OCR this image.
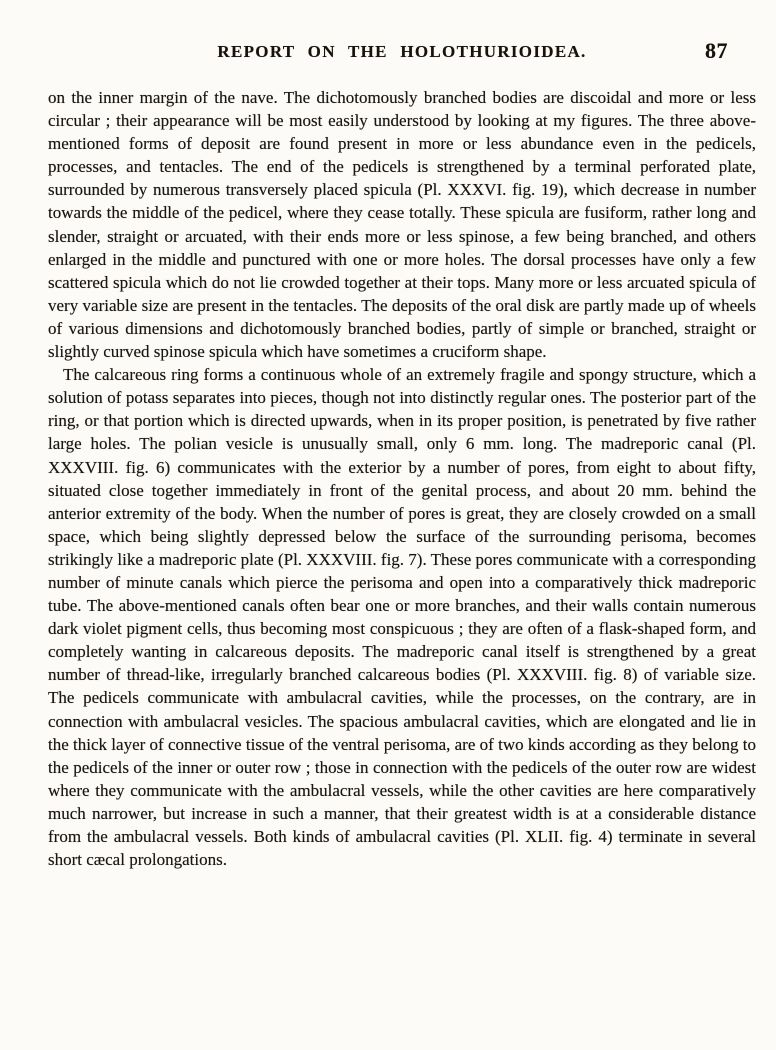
REPORT ON THE HOLOTHURIOIDEA.	87

on the inner margin of the nave. The dichotomously branched bodies are discoidal and more or less circular ; their appearance will be most easily understood by looking at my figures. The three above-mentioned forms of deposit are found present in more or less abundance even in the pedicels, processes, and tentacles. The end of the pedicels is strengthened by a terminal perforated plate, surrounded by numerous transversely placed spicula (Pl. XXXVI. fig. 19), which decrease in number towards the middle of the pedicel, where they cease totally. These spicula are fusiform, rather long and slender, straight or arcuated, with their ends more or less spinose, a few being branched, and others enlarged in the middle and punctured with one or more holes. The dorsal processes have only a few scattered spicula which do not lie crowded together at their tops. Many more or less arcuated spicula of very variable size are present in the tentacles. The deposits of the oral disk are partly made up of wheels of various dimensions and dichotomously branched bodies, partly of simple or branched, straight or slightly curved spinose spicula which have sometimes a cruciform shape.

The calcareous ring forms a continuous whole of an extremely fragile and spongy structure, which a solution of potass separates into pieces, though not into distinctly regular ones. The posterior part of the ring, or that portion which is directed upwards, when in its proper position, is penetrated by five rather large holes. The polian vesicle is unusually small, only 6 mm. long. The madreporic canal (Pl. XXXVIII. fig. 6) communicates with the exterior by a number of pores, from eight to about fifty, situated close together immediately in front of the genital process, and about 20 mm. behind the anterior extremity of the body. When the number of pores is great, they are closely crowded on a small space, which being slightly depressed below the surface of the surrounding perisoma, becomes strikingly like a madreporic plate (Pl. XXXVIII. fig. 7). These pores communicate with a corresponding number of minute canals which pierce the perisoma and open into a comparatively thick madreporic tube. The above-mentioned canals often bear one or more branches, and their walls contain numerous dark violet pigment cells, thus becoming most conspicuous ; they are often of a flask-shaped form, and completely wanting in calcareous deposits. The madreporic canal itself is strengthened by a great number of thread-like, irregularly branched calcareous bodies (Pl. XXXVIII. fig. 8) of variable size. The pedicels communicate with ambulacral cavities, while the processes, on the contrary, are in connection with ambulacral vesicles. The spacious ambulacral cavities, which are elongated and lie in the thick layer of connective tissue of the ventral perisoma, are of two kinds according as they belong to the pedicels of the inner or outer row ; those in connection with the pedicels of the outer row are widest where they communicate with the ambulacral vessels, while the other cavities are here comparatively much narrower, but increase in such a manner, that their greatest width is at a considerable distance from the ambulacral vessels. Both kinds of ambulacral cavities (Pl. XLII. fig. 4) terminate in several short cæcal prolongations.
